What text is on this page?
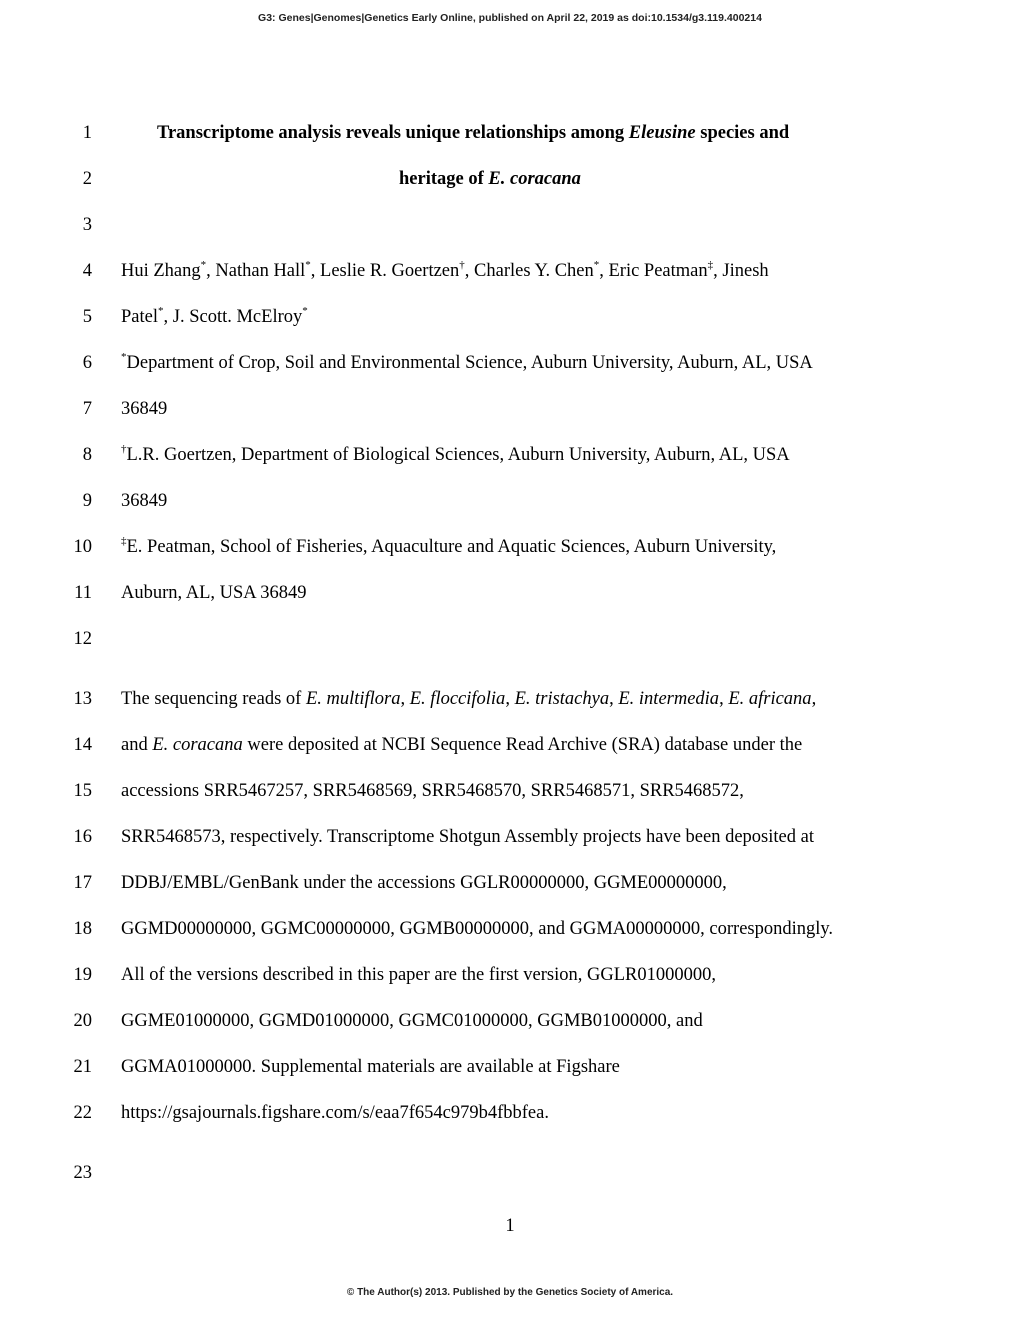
G3: Genes|Genomes|Genetics Early Online, published on April 22, 2019 as doi:10.1534/g3.119.400214
1	Transcriptome analysis reveals unique relationships among Eleusine species and
2	heritage of E. coracana
3
4 Hui Zhang*, Nathan Hall*, Leslie R. Goertzen†, Charles Y. Chen*, Eric Peatman‡, Jinesh
5 Patel*, J. Scott. McElroy*
6	*Department of Crop, Soil and Environmental Science, Auburn University, Auburn, AL, USA
7 36849
8	†L.R. Goertzen, Department of Biological Sciences, Auburn University, Auburn, AL, USA
9 36849
10	‡E. Peatman, School of Fisheries, Aquaculture and Aquatic Sciences, Auburn University,
11 Auburn, AL, USA 36849
12
13 The sequencing reads of E. multiflora, E. floccifolia, E. tristachya, E. intermedia, E. africana,
14 and E. coracana were deposited at NCBI Sequence Read Archive (SRA) database under the
15 accessions SRR5467257, SRR5468569, SRR5468570, SRR5468571, SRR5468572,
16 SRR5468573, respectively. Transcriptome Shotgun Assembly projects have been deposited at
17 DDBJ/EMBL/GenBank under the accessions GGLR00000000, GGME00000000,
18 GGMD00000000, GGMC00000000, GGMB00000000, and GGMA00000000, correspondingly.
19 All of the versions described in this paper are the first version, GGLR01000000,
20 GGME01000000, GGMD01000000, GGMC01000000, GGMB01000000, and
21 GGMA01000000. Supplemental materials are available at Figshare
22 https://gsajournals.figshare.com/s/eaa7f654c979b4fbbfea.
23
1
© The Author(s) 2013. Published by the Genetics Society of America.
